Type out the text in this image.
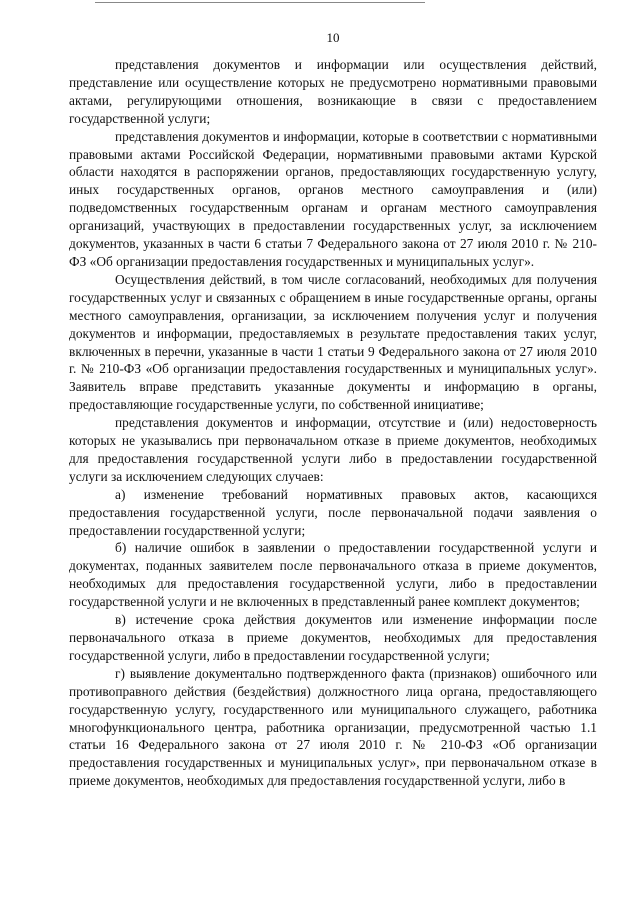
10

представления документов и информации или осуществления действий, представление или осуществление которых не предусмотрено нормативными правовыми актами, регулирующими отношения, возникающие в связи с предоставлением государственной услуги;

представления документов и информации, которые в соответствии с нормативными правовыми актами Российской Федерации, нормативными правовыми актами Курской области находятся в распоряжении органов, предоставляющих государственную услугу, иных государственных органов, органов местного самоуправления и (или) подведомственных государственным органам и органам местного самоуправления организаций, участвующих в предоставлении государственных услуг, за исключением документов, указанных в части 6 статьи 7 Федерального закона от 27 июля 2010 г. № 210-ФЗ «Об организации предоставления государственных и муниципальных услуг».

Осуществления действий, в том числе согласований, необходимых для получения государственных услуг и связанных с обращением в иные государственные органы, органы местного самоуправления, организации, за исключением получения услуг и получения документов и информации, предоставляемых в результате предоставления таких услуг, включенных в перечни, указанные в части 1 статьи 9 Федерального закона от 27 июля 2010 г. № 210-ФЗ «Об организации предоставления государственных и муниципальных услуг». Заявитель вправе представить указанные документы и информацию в органы, предоставляющие государственные услуги, по собственной инициативе;

представления документов и информации, отсутствие и (или) недостоверность которых не указывались при первоначальном отказе в приеме документов, необходимых для предоставления государственной услуги либо в предоставлении государственной услуги за исключением следующих случаев:

а) изменение требований нормативных правовых актов, касающихся предоставления государственной услуги, после первоначальной подачи заявления о предоставлении государственной услуги;

б) наличие ошибок в заявлении о предоставлении государственной услуги и документах, поданных заявителем после первоначального отказа в приеме документов, необходимых для предоставления государственной услуги, либо в предоставлении государственной услуги и не включенных в представленный ранее комплект документов;

в) истечение срока действия документов или изменение информации после первоначального отказа в приеме документов, необходимых для предоставления государственной услуги, либо в предоставлении государственной услуги;

г) выявление документально подтвержденного факта (признаков) ошибочного или противоправного действия (бездействия) должностного лица органа, предоставляющего государственную услугу, государственного или муниципального служащего, работника многофункционального центра, работника организации, предусмотренной частью 1.1 статьи 16 Федерального закона от 27 июля 2010 г. № 210-ФЗ «Об организации предоставления государственных и муниципальных услуг», при первоначальном отказе в приеме документов, необходимых для предоставления государственной услуги, либо в
